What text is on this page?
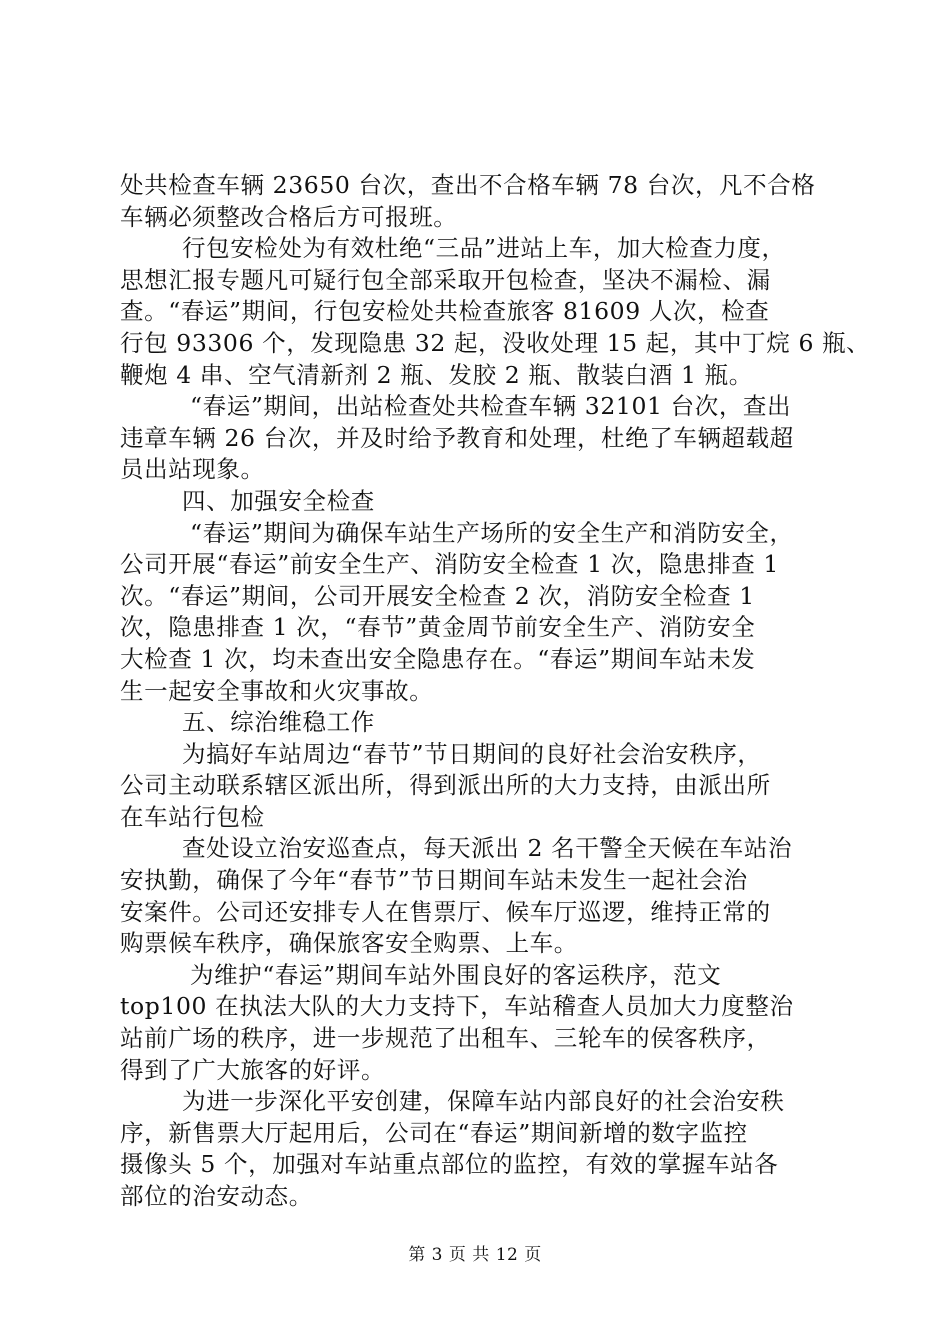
处共检查车辆 23650 台次，查出不合格车辆 78 台次，凡不合格
车辆必须整改合格后方可报班。
行包安检处为有效杜绝“三品”进站上车，加大检查力度，
思想汇报专题凡可疑行包全部采取开包检查，坚决不漏检、漏
查。“春运”期间，行包安检处共检查旅客 81609 人次，检查
行包 93306 个，发现隐患 32 起，没收处理 15 起，其中丁烷 6 瓶、
鞭炮 4 串、空气清新剂 2 瓶、发胶 2 瓶、散装白酒 1 瓶。
“春运”期间，出站检查处共检查车辆 32101 台次，查出
违章车辆 26 台次，并及时给予教育和处理，杜绝了车辆超载超
员出站现象。
四、加强安全检查
“春运”期间为确保车站生产场所的安全生产和消防安全，
公司开展“春运”前安全生产、消防安全检查 1 次，隐患排查 1
次。“春运”期间，公司开展安全检查 2 次，消防安全检查 1
次，隐患排查 1 次，“春节”黄金周节前安全生产、消防安全
大检查 1 次，均未查出安全隐患存在。“春运”期间车站未发
生一起安全事故和火灾事故。
五、综治维稳工作
为搞好车站周边“春节”节日期间的良好社会治安秩序，
公司主动联系辖区派出所，得到派出所的大力支持，由派出所
在车站行包检
查处设立治安巡查点，每天派出 2 名干警全天候在车站治
安执勤，确保了今年“春节”节日期间车站未发生一起社会治
安案件。公司还安排专人在售票厅、候车厅巡逻，维持正常的
购票候车秩序，确保旅客安全购票、上车。
为维护“春运”期间车站外围良好的客运秩序，范文
top100 在执法大队的大力支持下，车站稽查人员加大力度整治
站前广场的秩序，进一步规范了出租车、三轮车的侯客秩序，
得到了广大旅客的好评。
为进一步深化平安创建，保障车站内部良好的社会治安秩
序，新售票大厅起用后，公司在“春运”期间新增的数字监控
摄像头 5 个，加强对车站重点部位的监控，有效的掌握车站各
部位的治安动态。
第 3 页 共 12 页
